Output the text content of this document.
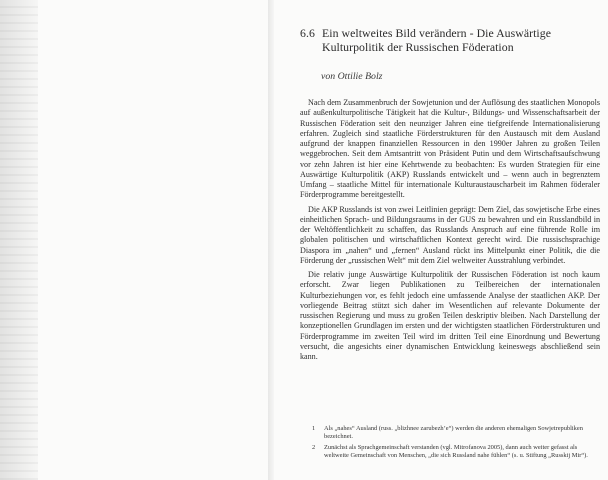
6.6 Ein weltweites Bild verändern - Die Auswärtige Kulturpolitik der Russischen Föderation
von Ottilie Bolz

Nach dem Zusammenbruch der Sowjetunion und der Auflösung des staatlichen Monopols auf außenkulturpolitische Tätigkeit hat die Kultur-, Bildungs- und Wissenschaftsarbeit der Russischen Föderation seit den neunziger Jahren eine tiefgreifende Internationalisierung erfahren. Zugleich sind staatliche Förderstrukturen für den Austausch mit dem Ausland aufgrund der knappen finanziellen Ressourcen in den 1990er Jahren zu großen Teilen weggebrochen. Seit dem Amtsantritt von Präsident Putin und dem Wirtschaftsaufschwung vor zehn Jahren ist hier eine Kehrtwende zu beobachten: Es wurden Strategien für eine Auswärtige Kulturpolitik (AKP) Russlands entwickelt und – wenn auch in begrenztem Umfang – staatliche Mittel für internationale Kulturaustauscharbeit im Rahmen föderaler Förderprogramme bereitgestellt.

Die AKP Russlands ist von zwei Leitlinien geprägt: Dem Ziel, das sowjetische Erbe eines einheitlichen Sprach- und Bildungsraums in der GUS zu bewahren und ein Russlandbild in der Weltöffentlichkeit zu schaffen, das Russlands Anspruch auf eine führende Rolle im globalen politischen und wirtschaftlichen Kontext gerecht wird. Die russischsprachige Diaspora im „nahen“ und „fernen“ Ausland rückt ins Mittelpunkt einer Politik, die die Förderung der „russischen Welt“ mit dem Ziel weltweiter Ausstrahlung verbindet.

Die relativ junge Auswärtige Kulturpolitik der Russischen Föderation ist noch kaum erforscht. Zwar liegen Publikationen zu Teilbereichen der internationalen Kulturbeziehungen vor, es fehlt jedoch eine umfassende Analyse der staatlichen AKP. Der vorliegende Beitrag stützt sich daher im Wesentlichen auf relevante Dokumente der russischen Regierung und muss zu großen Teilen deskriptiv bleiben. Nach Darstellung der konzeptionellen Grundlagen im ersten und der wichtigsten staatlichen Förderstrukturen und Förderprogramme im zweiten Teil wird im dritten Teil eine Einordnung und Bewertung versucht, die angesichts einer dynamischen Entwicklung keineswegs abschließend sein kann.

1	Als „nahes“ Ausland (russ. „blizhnee zarubezh’e“) werden die anderen ehemaligen Sowjetrepubliken bezeichnet.
2	Zunächst als Sprachgemeinschaft verstanden (vgl. Mitrofanova 2005), dann auch weiter gefasst als weltweite Gemeinschaft von Menschen, „die sich Russland nahe fühlen“ (s. u. Stiftung „Russkij Mir“).
